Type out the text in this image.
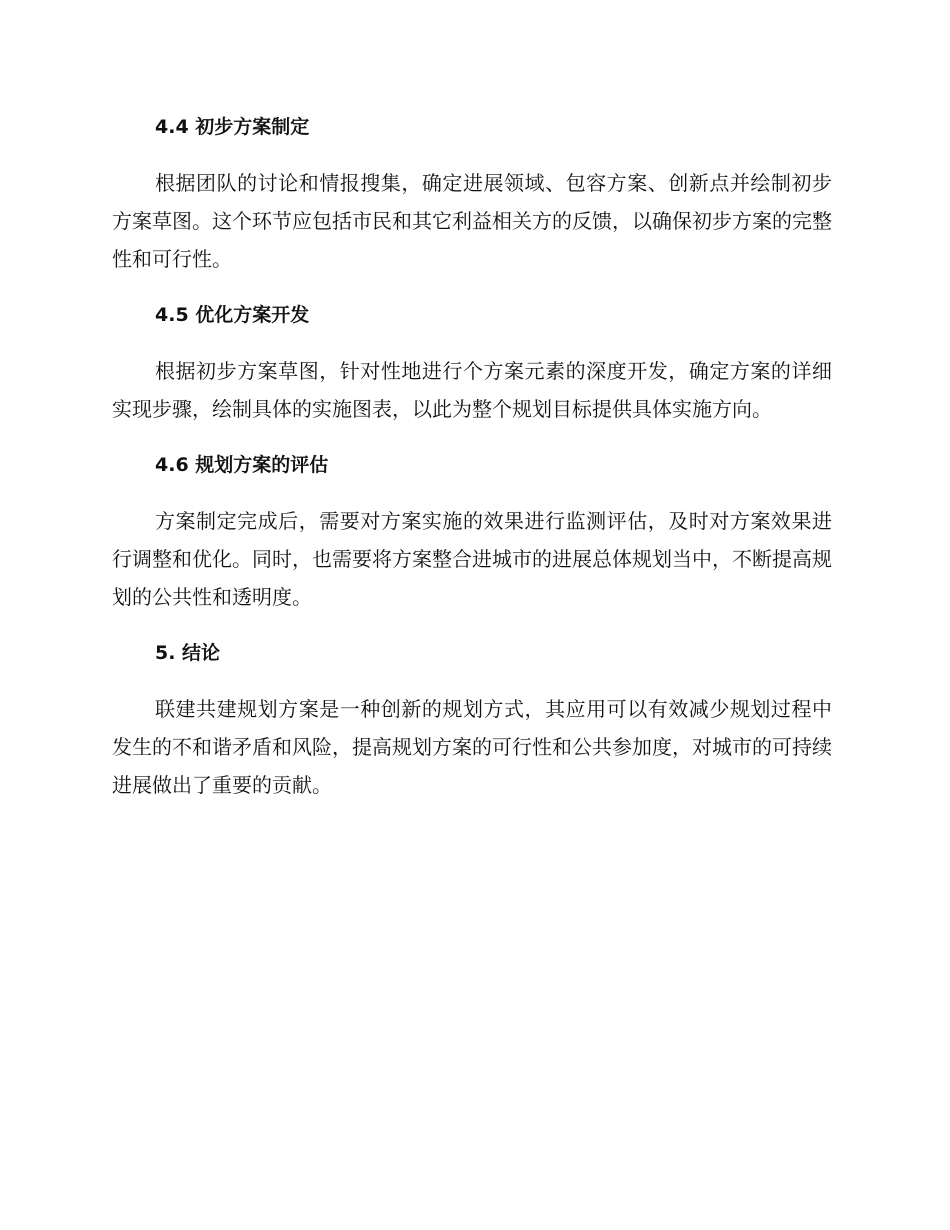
4.4 初步方案制定

根据团队的讨论和情报搜集，确定进展领域、包容方案、创新点并绘制初步方案草图。这个环节应包括市民和其它利益相关方的反馈，以确保初步方案的完整性和可行性。

4.5 优化方案开发

根据初步方案草图，针对性地进行个方案元素的深度开发，确定方案的详细实现步骤，绘制具体的实施图表，以此为整个规划目标提供具体实施方向。

4.6 规划方案的评估

方案制定完成后，需要对方案实施的效果进行监测评估，及时对方案效果进行调整和优化。同时，也需要将方案整合进城市的进展总体规划当中，不断提高规划的公共性和透明度。

5. 结论

联建共建规划方案是一种创新的规划方式，其应用可以有效减少规划过程中发生的不和谐矛盾和风险，提高规划方案的可行性和公共参加度，对城市的可持续进展做出了重要的贡献。
